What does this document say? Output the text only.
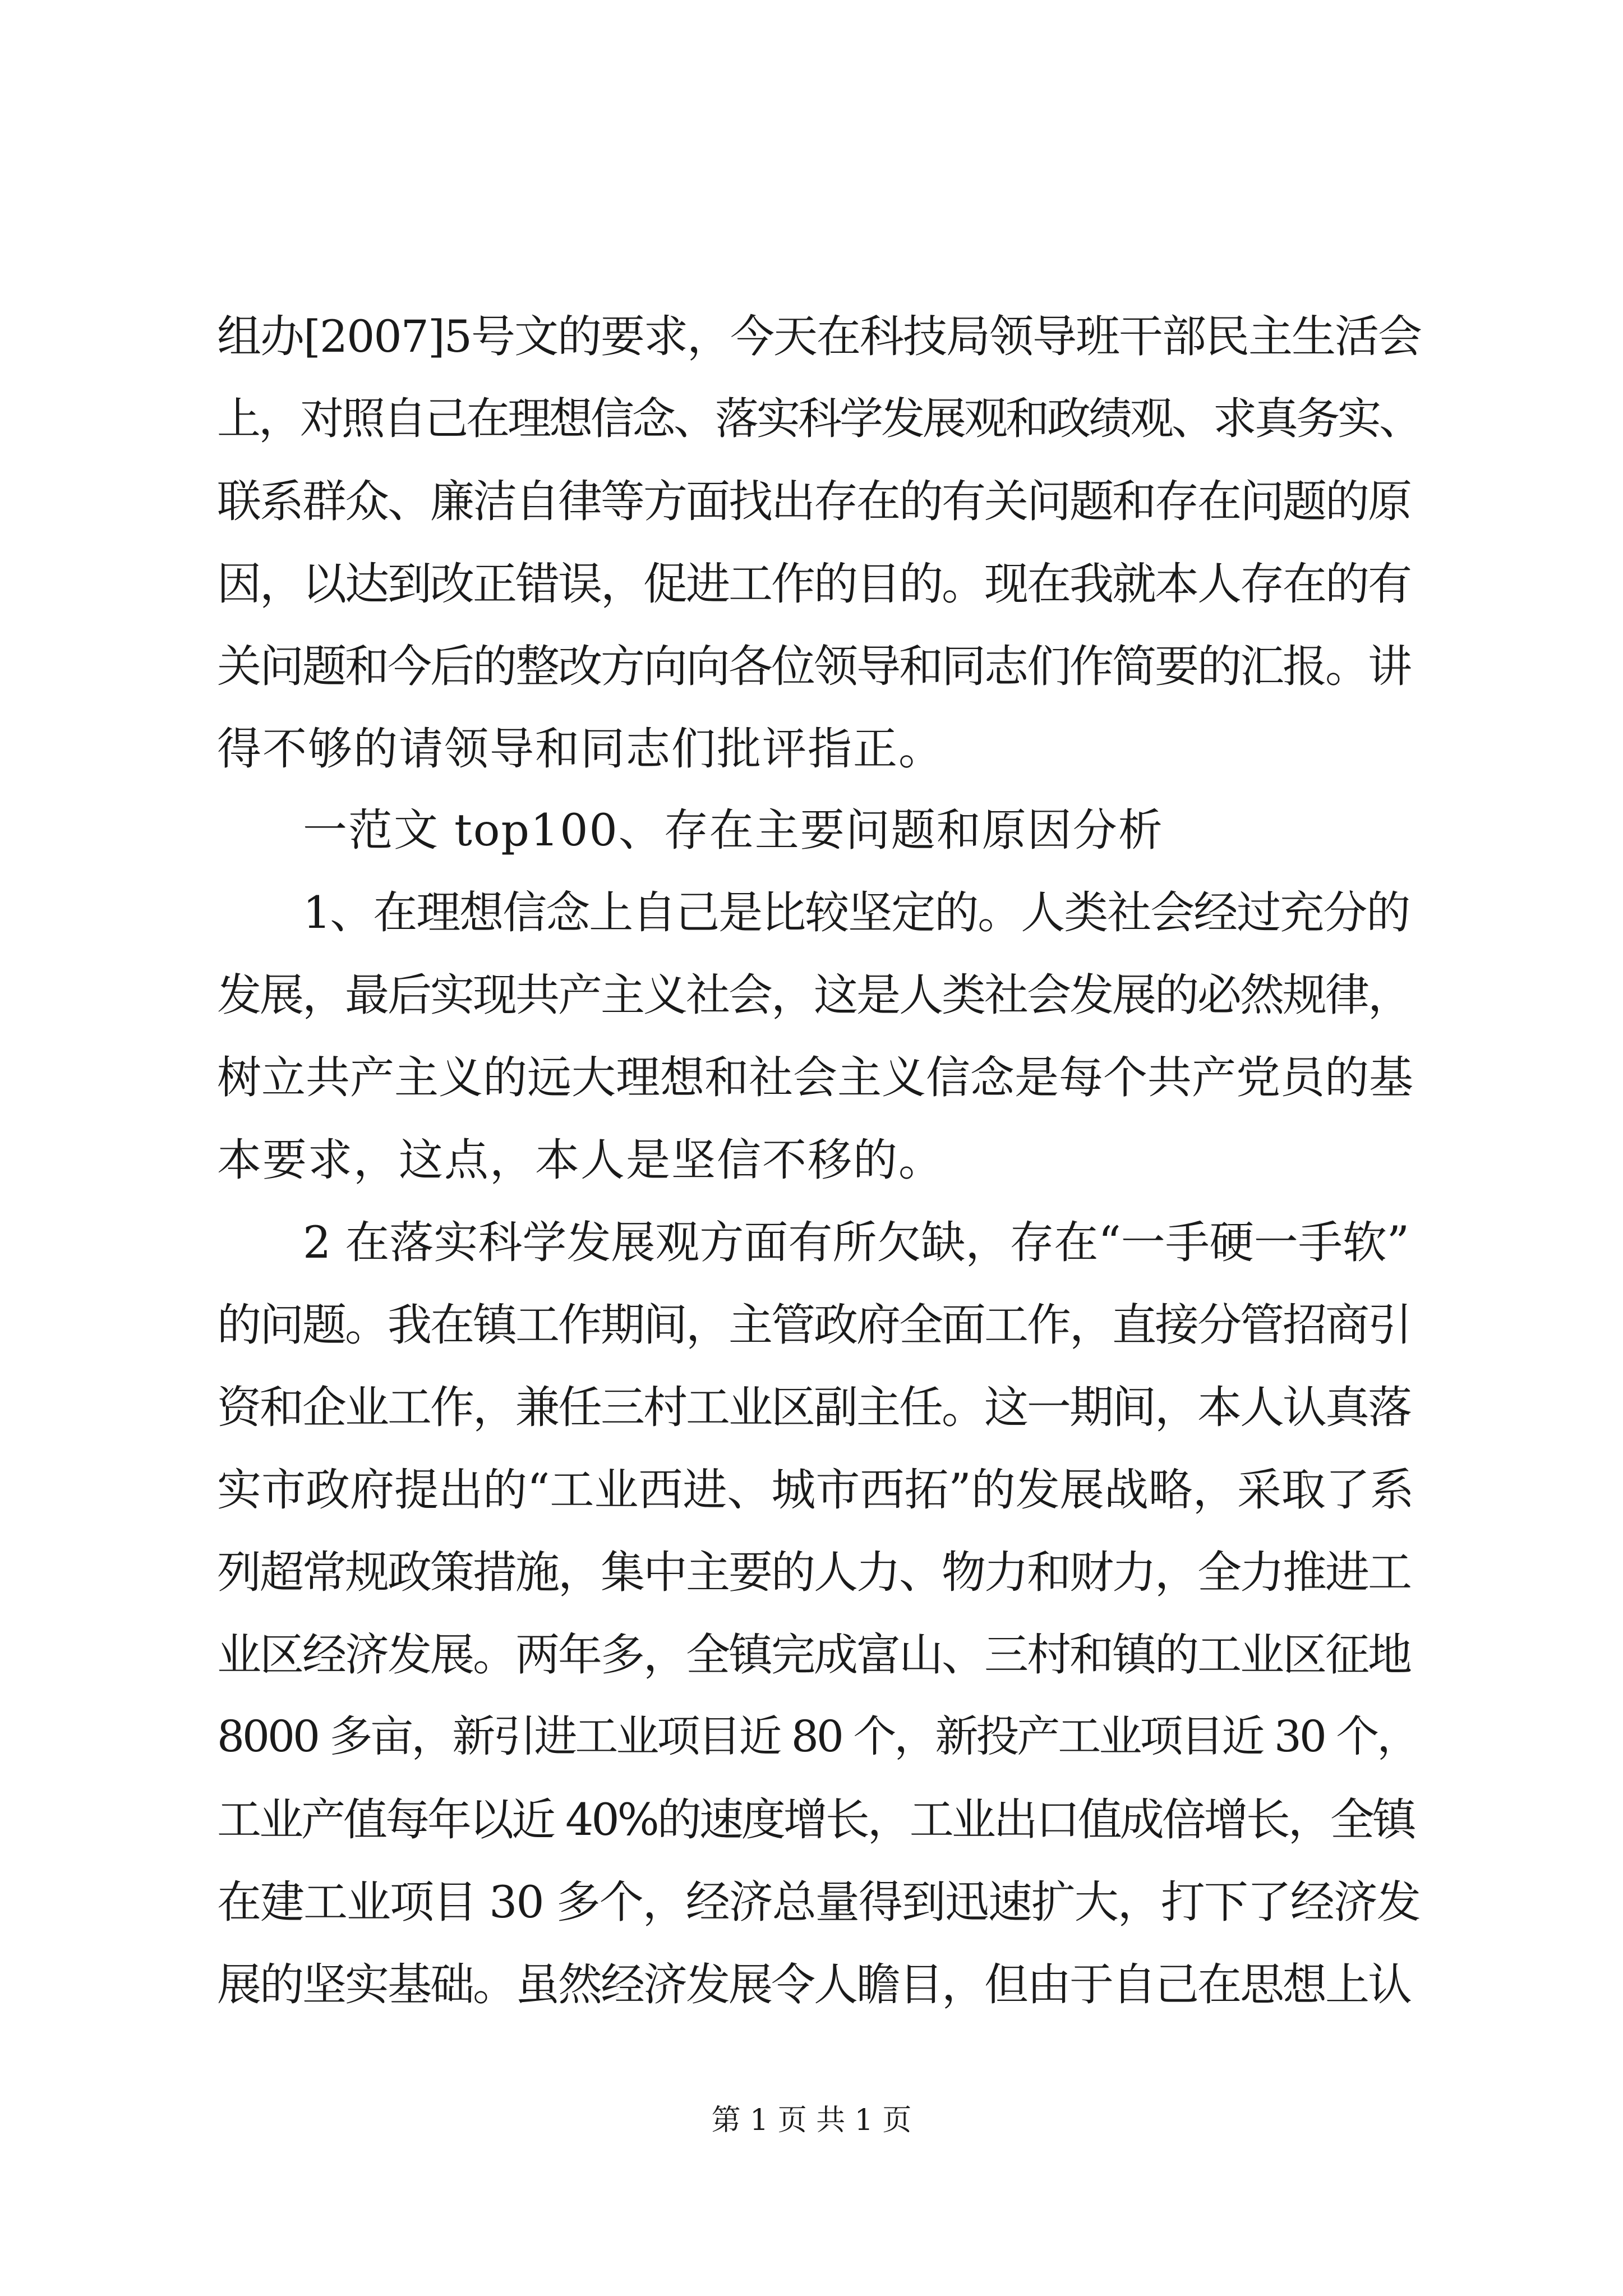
组办[2007]5号文的要求，今天在科技局领导班干部民主生活会
上，对照自己在理想信念、落实科学发展观和政绩观、求真务实、
联系群众、廉洁自律等方面找出存在的有关问题和存在问题的原
因，以达到改正错误，促进工作的目的。现在我就本人存在的有
关问题和今后的整改方向向各位领导和同志们作简要的汇报。讲
得不够的请领导和同志们批评指正。
一范文 top100、存在主要问题和原因分析
1、在理想信念上自己是比较坚定的。人类社会经过充分的
发展，最后实现共产主义社会，这是人类社会发展的必然规律，
树立共产主义的远大理想和社会主义信念是每个共产党员的基
本要求，这点，本人是坚信不移的。
2 在落实科学发展观方面有所欠缺，存在“一手硬一手软”
的问题。我在镇工作期间，主管政府全面工作，直接分管招商引
资和企业工作，兼任三村工业区副主任。这一期间，本人认真落
实市政府提出的“工业西进、城市西拓”的发展战略，采取了系
列超常规政策措施，集中主要的人力、物力和财力，全力推进工
业区经济发展。两年多，全镇完成富山、三村和镇的工业区征地
8000 多亩，新引进工业项目近 80 个，新投产工业项目近 30 个，
工业产值每年以近 40%的速度增长，工业出口值成倍增长，全镇
在建工业项目 30 多个，经济总量得到迅速扩大，打下了经济发
展的坚实基础。虽然经济发展令人瞻目，但由于自己在思想上认
第 1 页 共 1 页
